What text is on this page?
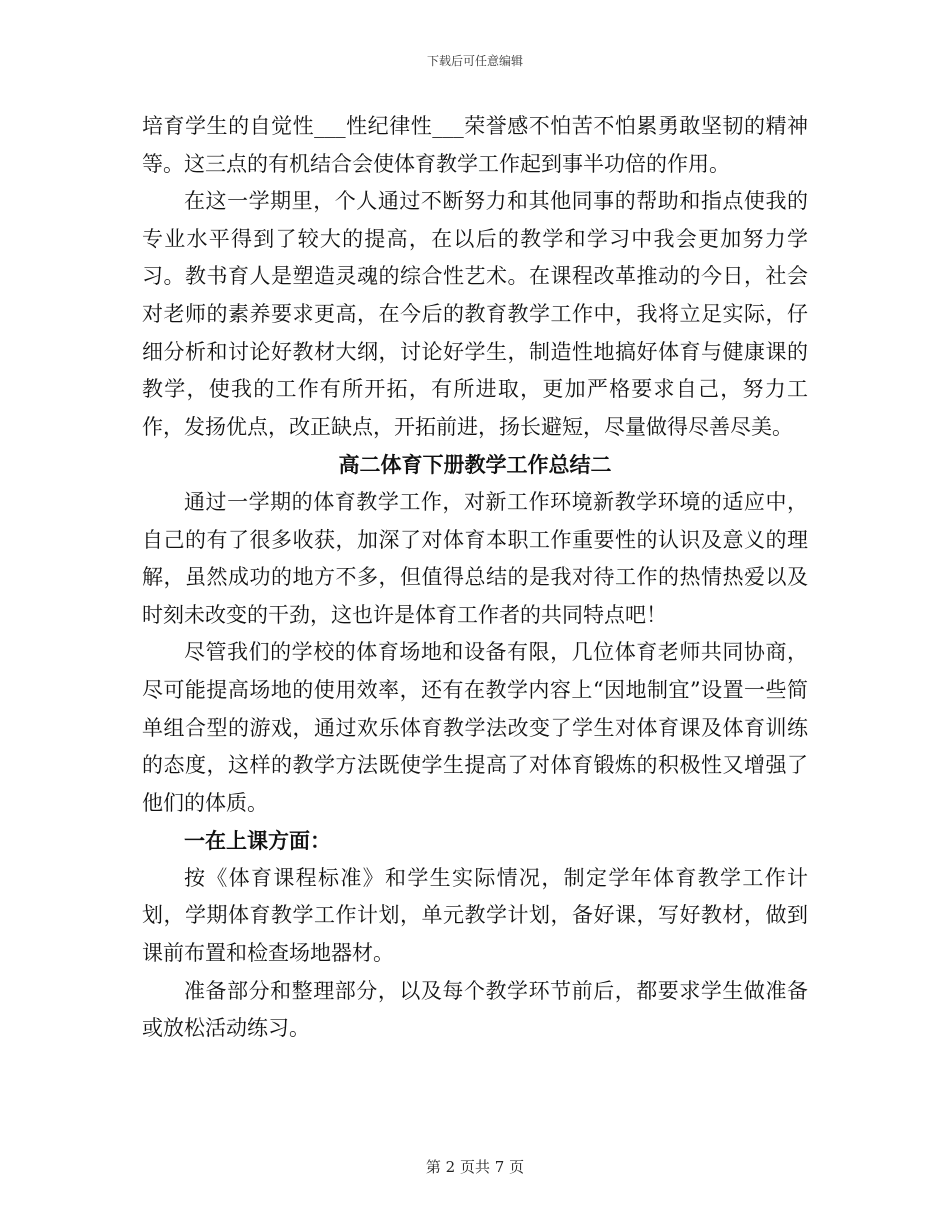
下载后可任意编辑

培育学生的自觉性___性纪律性___荣誉感不怕苦不怕累勇敢坚韧的精神等。这三点的有机结合会使体育教学工作起到事半功倍的作用。

在这一学期里，个人通过不断努力和其他同事的帮助和指点使我的专业水平得到了较大的提高，在以后的教学和学习中我会更加努力学习。教书育人是塑造灵魂的综合性艺术。在课程改革推动的今日，社会对老师的素养要求更高，在今后的教育教学工作中，我将立足实际，仔细分析和讨论好教材大纲，讨论好学生，制造性地搞好体育与健康课的教学，使我的工作有所开拓，有所进取，更加严格要求自己，努力工作，发扬优点，改正缺点，开拓前进，扬长避短，尽量做得尽善尽美。

高二体育下册教学工作总结二

通过一学期的体育教学工作，对新工作环境新教学环境的适应中，自己的有了很多收获，加深了对体育本职工作重要性的认识及意义的理解，虽然成功的地方不多，但值得总结的是我对待工作的热情热爱以及时刻未改变的干劲，这也许是体育工作者的共同特点吧！

尽管我们的学校的体育场地和设备有限，几位体育老师共同协商，尽可能提高场地的使用效率，还有在教学内容上“因地制宜”设置一些简单组合型的游戏，通过欢乐体育教学法改变了学生对体育课及体育训练的态度，这样的教学方法既使学生提高了对体育锻炼的积极性又增强了他们的体质。

一在上课方面：

按《体育课程标准》和学生实际情况，制定学年体育教学工作计划，学期体育教学工作计划，单元教学计划，备好课，写好教材，做到课前布置和检查场地器材。

准备部分和整理部分，以及每个教学环节前后，都要求学生做准备或放松活动练习。

第 2 页共 7 页
